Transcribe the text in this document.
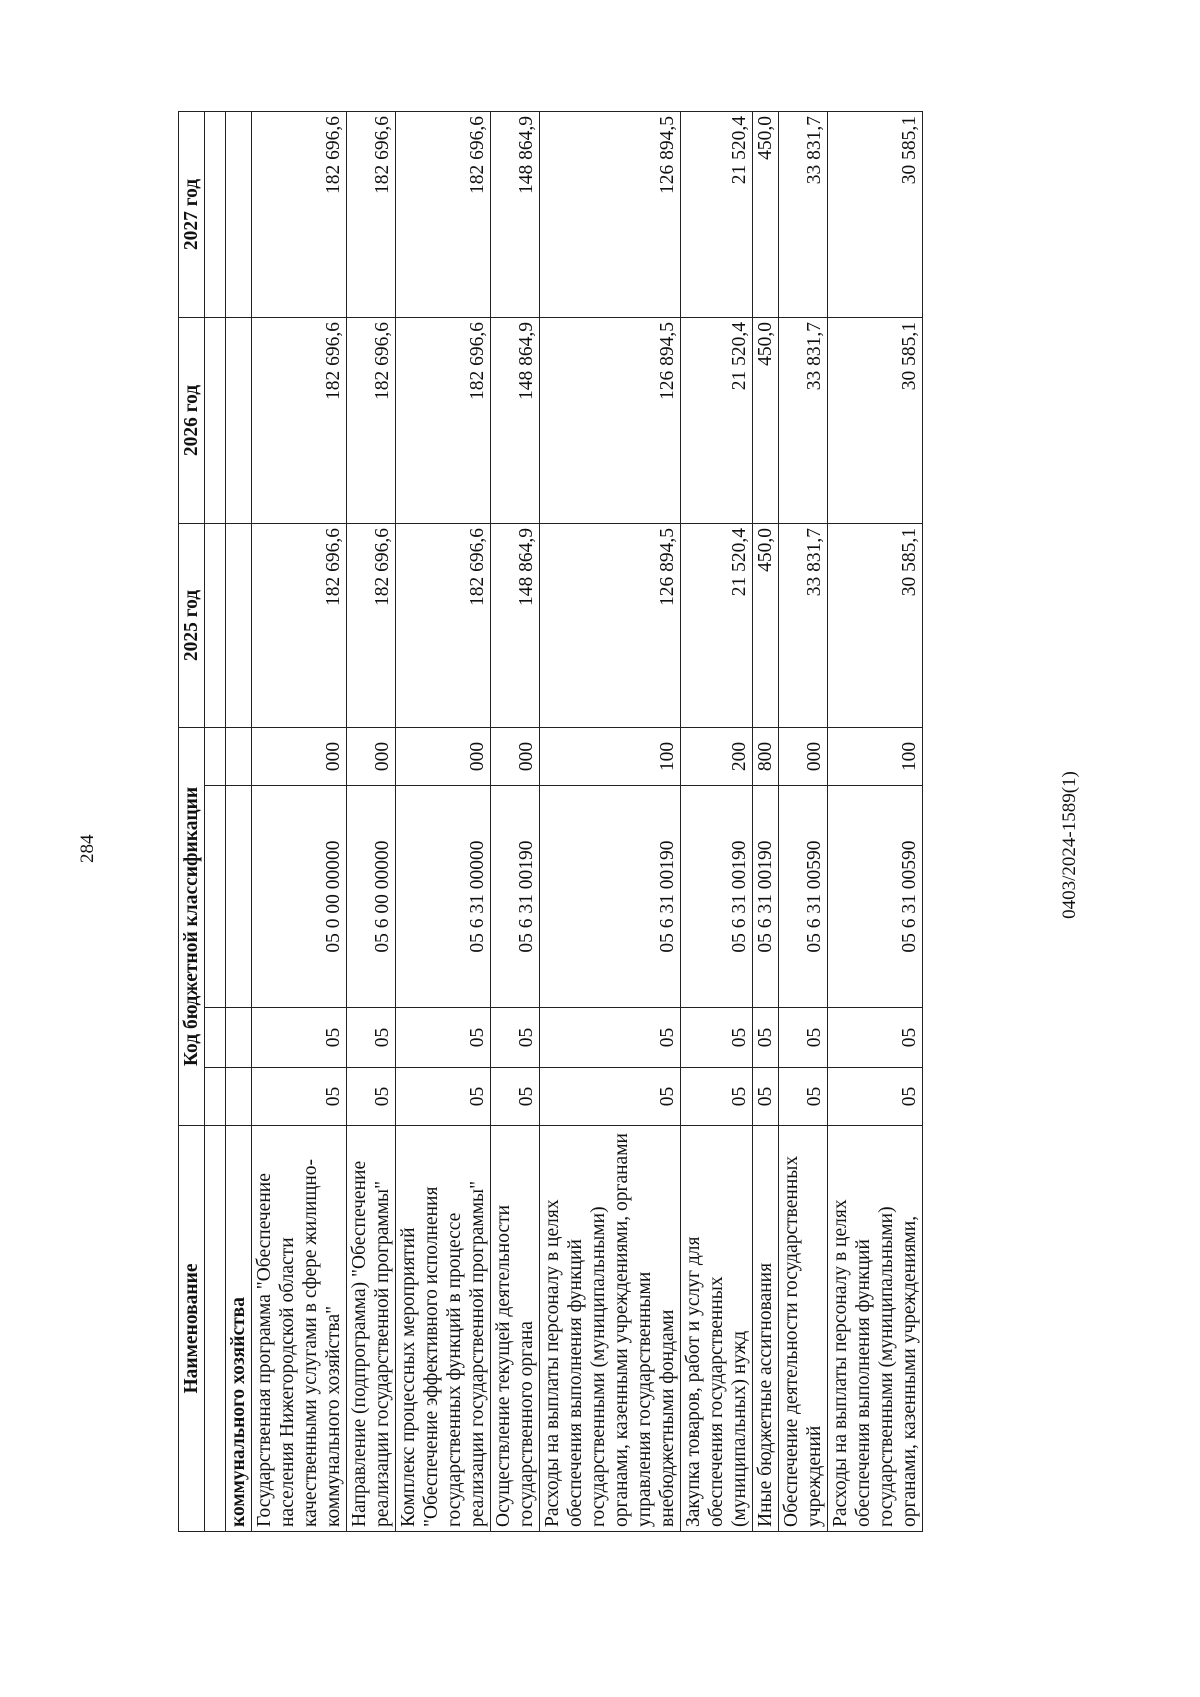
284
Наименование	Код бюджетной классификации				2025 год	2026 год	2027 год

коммунального хозяйства							
Государственная программа "Обеспечение населения Нижегородской области качественными услугами в сфере жилищно-коммунального хозяйства"	05	05	05 0 00 00000	000	182 696,6	182 696,6	182 696,6
Направление (подпрограмма) "Обеспечение реализации государственной программы"	05	05	05 6 00 00000	000	182 696,6	182 696,6	182 696,6
Комплекс процессных мероприятий "Обеспечение эффективного исполнения государственных функций в процессе реализации государственной программы"	05	05	05 6 31 00000	000	182 696,6	182 696,6	182 696,6
Осуществление текущей деятельности государственного органа	05	05	05 6 31 00190	000	148 864,9	148 864,9	148 864,9
Расходы на выплаты персоналу в целях обеспечения выполнения функций государственными (муниципальными) органами, казенными учреждениями, органами управления государственными внебюджетными фондами	05	05	05 6 31 00190	100	126 894,5	126 894,5	126 894,5
Закупка товаров, работ и услуг для обеспечения государственных (муниципальных) нужд	05	05	05 6 31 00190	200	21 520,4	21 520,4	21 520,4
Иные бюджетные ассигнования	05	05	05 6 31 00190	800	450,0	450,0	450,0
Обеспечение деятельности государственных учреждений	05	05	05 6 31 00590	000	33 831,7	33 831,7	33 831,7
Расходы на выплаты персоналу в целях обеспечения выполнения функций государственными (муниципальными) органами, казенными учреждениями,	05	05	05 6 31 00590	100	30 585,1	30 585,1	30 585,1
0403/2024-1589(1)
